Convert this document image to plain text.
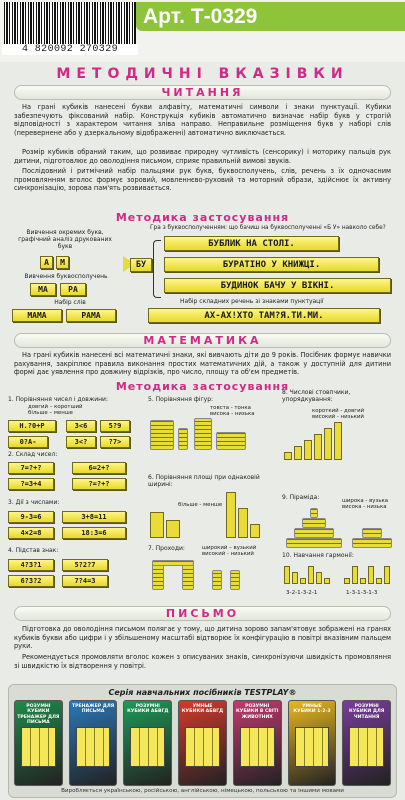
Арт. Т-0329
4 820092 270329
МЕТОДИЧНІ ВКАЗІВКИ
ЧИТАННЯ
На грані кубиків нанесені букви алфавіту, математичні символи і знаки пунктуації. Кубики забезпечують фіксований набір. Конструкція кубиків автоматично визначає набір букв у строгій відповідності з характером читання зліва направо. Неправильне розміщення букв у наборі слів (перевернене або у дзеркальному відображенні) автоматично виключається.
Розмір кубиків обраний таким, що розвиває природну чутливість (сенсорику) і моторику пальців рук дитини, підготовлює до оволодіння письмом, сприяє правильній вимові звуків.
Послідовний і ритмічний набір пальцями рук букв, буквосполучень, слів, речень з їх одночасним промовлянням вголос формує зоровий, мовленнєво-руховий та моторний образи, здійснює їх активну синхронізацію, зорова пам'ять розвивається.
Методика застосування
Гра з буквосполученням: що бачиш на буквосполученні «Б У» навколо себе?
Вивчення окремих букв, графічний аналіз друкованих букв
А	М
Вивчення буквосполучень
МА	РА
Набір слів
МАМА	РАМА
БУ
БУБЛИК НА СТОЛІ.
БУРАТІНО У КНИЖЦІ.
БУДИНОК БАЧУ У ВІКНІ.
Набір складних речень зі знаками пунктуації
АХ-АХ!ХТО ТАМ?Я.ТИ.МИ.
МАТЕМАТИКА
На грані кубиків нанесені всі математичні знаки, які вивчають діти до 9 років. Посібник формує навички рахування, закріплює правила виконання простих математичних дій, а також у доступній для дитини формі дає уявлення про довжину відрізків, про число, площу та об'єм предметів.
Методика застосування
1. Порівняння чисел і довжини:
довгий – коротший
більше – менше
Н.?0+Р	3<6	5?9
0?А-	3<?	?7>
2. Склад чисел:
7=?+?	6=2+?
?=3+4	?=?+?
3. Дії з числами:
9-3=6	3+8=11
4×2=8	18:3=6
4. Підстав знак:
4?3?1	5?2?7
6?3?2	7?4=3
5. Порівняння фігур:
товста - тонка
висока - низька
6. Порівняння площі при однаковій ширині:
більше - менше
7. Проходи:	широкий – вузький
високий - низький
8. Числові стовпчики, упорядкування:
короткий - довгий
високий - низький
9. Піраміда:	широка - вузька
висока - низька
10. Навчання гармонії:
3-2-1-3-2-1	1-3-1-3-1-3
ПИСЬМО
Підготовка до оволодіння письмом полягає у тому, що дитина зорово запам'ятовує зображені на гранях кубиків букви або цифри і у збільшеному масштабі відтворює їх конфігурацію в повітрі вказівним пальцем руки.
Рекомендується промовляти вголос кожен з описуваних знаків, синхронізуючи швидкість промовляння зі швидкістю їх відтворення у повітрі.
Серія навчальних посібників TESTPLAY®
РОЗУМНІ КУБИКИ ТРЕНАЖЕР ДЛЯ ПИСЬМА
ТРЕНАЖЕР ДЛЯ ПИСЬМА
РОЗУМНІ КУБИКИ АБВГД
УМНЫЕ КУБИКИ АБВГД
РОЗУМНІ КУБИКИ В СВІТІ ЖИВОТНИХ
УМНЫЕ КУБИКИ 1-2-3
РОЗУМНІ КУБИКИ ДЛЯ ЧИТАННЯ
Виробляється українською, російською, англійською, німецькою, польською та іншими мовами
